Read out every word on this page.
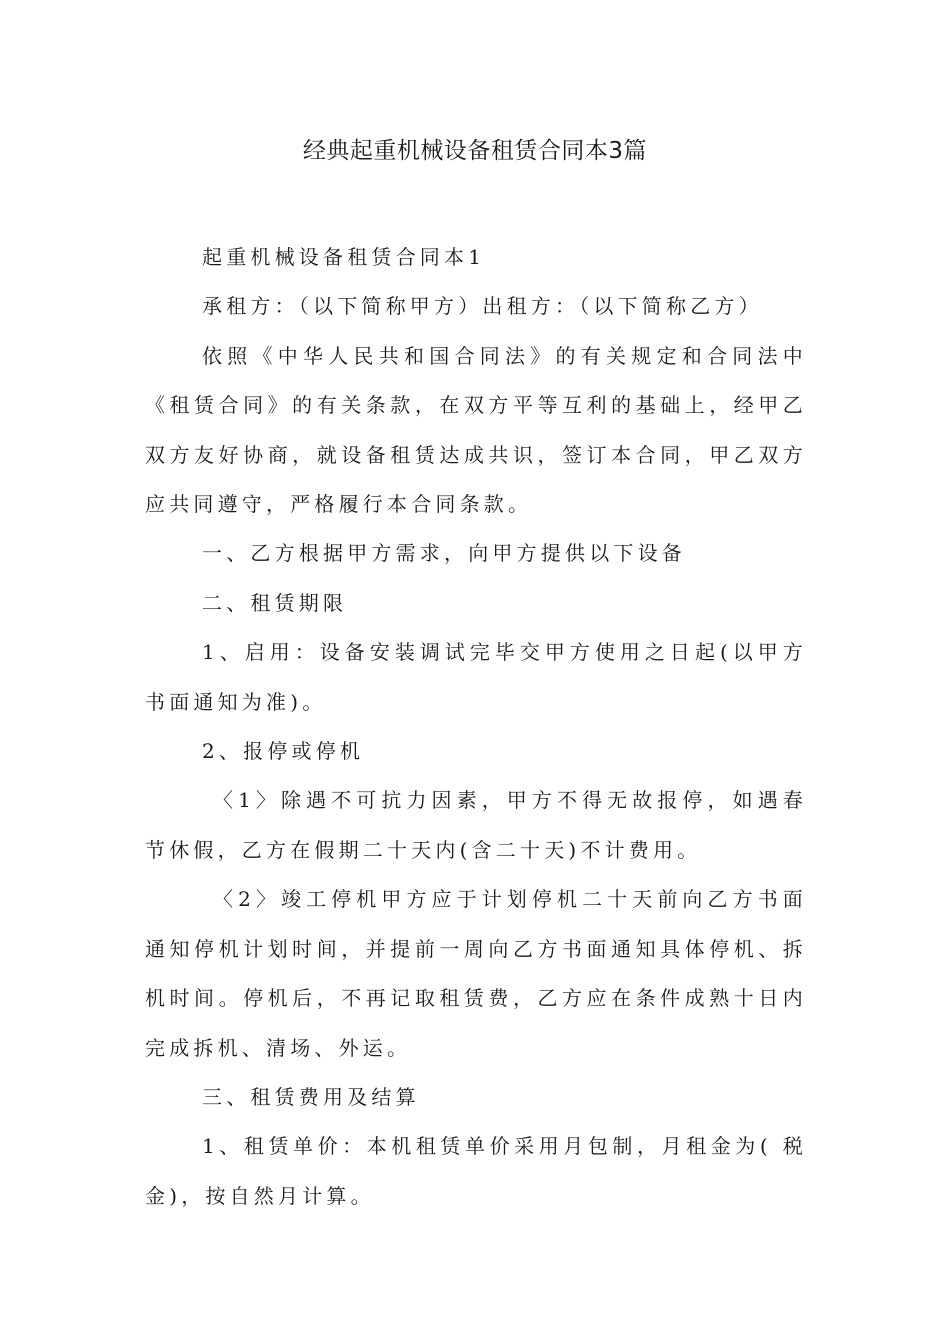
经典起重机械设备租赁合同本3篇

起重机械设备租赁合同本1

承租方：（以下简称甲方）出租方：（以下简称乙方）

依照《中华人民共和国合同法》的有关规定和合同法中《租赁合同》的有关条款，在双方平等互利的基础上，经甲乙双方友好协商，就设备租赁达成共识，签订本合同，甲乙双方应共同遵守，严格履行本合同条款。

一、乙方根据甲方需求，向甲方提供以下设备

二、租赁期限

1、启用：设备安装调试完毕交甲方使用之日起(以甲方书面通知为准)。

2、报停或停机

〈1〉除遇不可抗力因素，甲方不得无故报停，如遇春节休假，乙方在假期二十天内(含二十天)不计费用。

〈2〉竣工停机甲方应于计划停机二十天前向乙方书面通知停机计划时间，并提前一周向乙方书面通知具体停机、拆机时间。停机后，不再记取租赁费，乙方应在条件成熟十日内完成拆机、清场、外运。

三、租赁费用及结算

1、租赁单价：本机租赁单价采用月包制，月租金为( 税金)，按自然月计算。
